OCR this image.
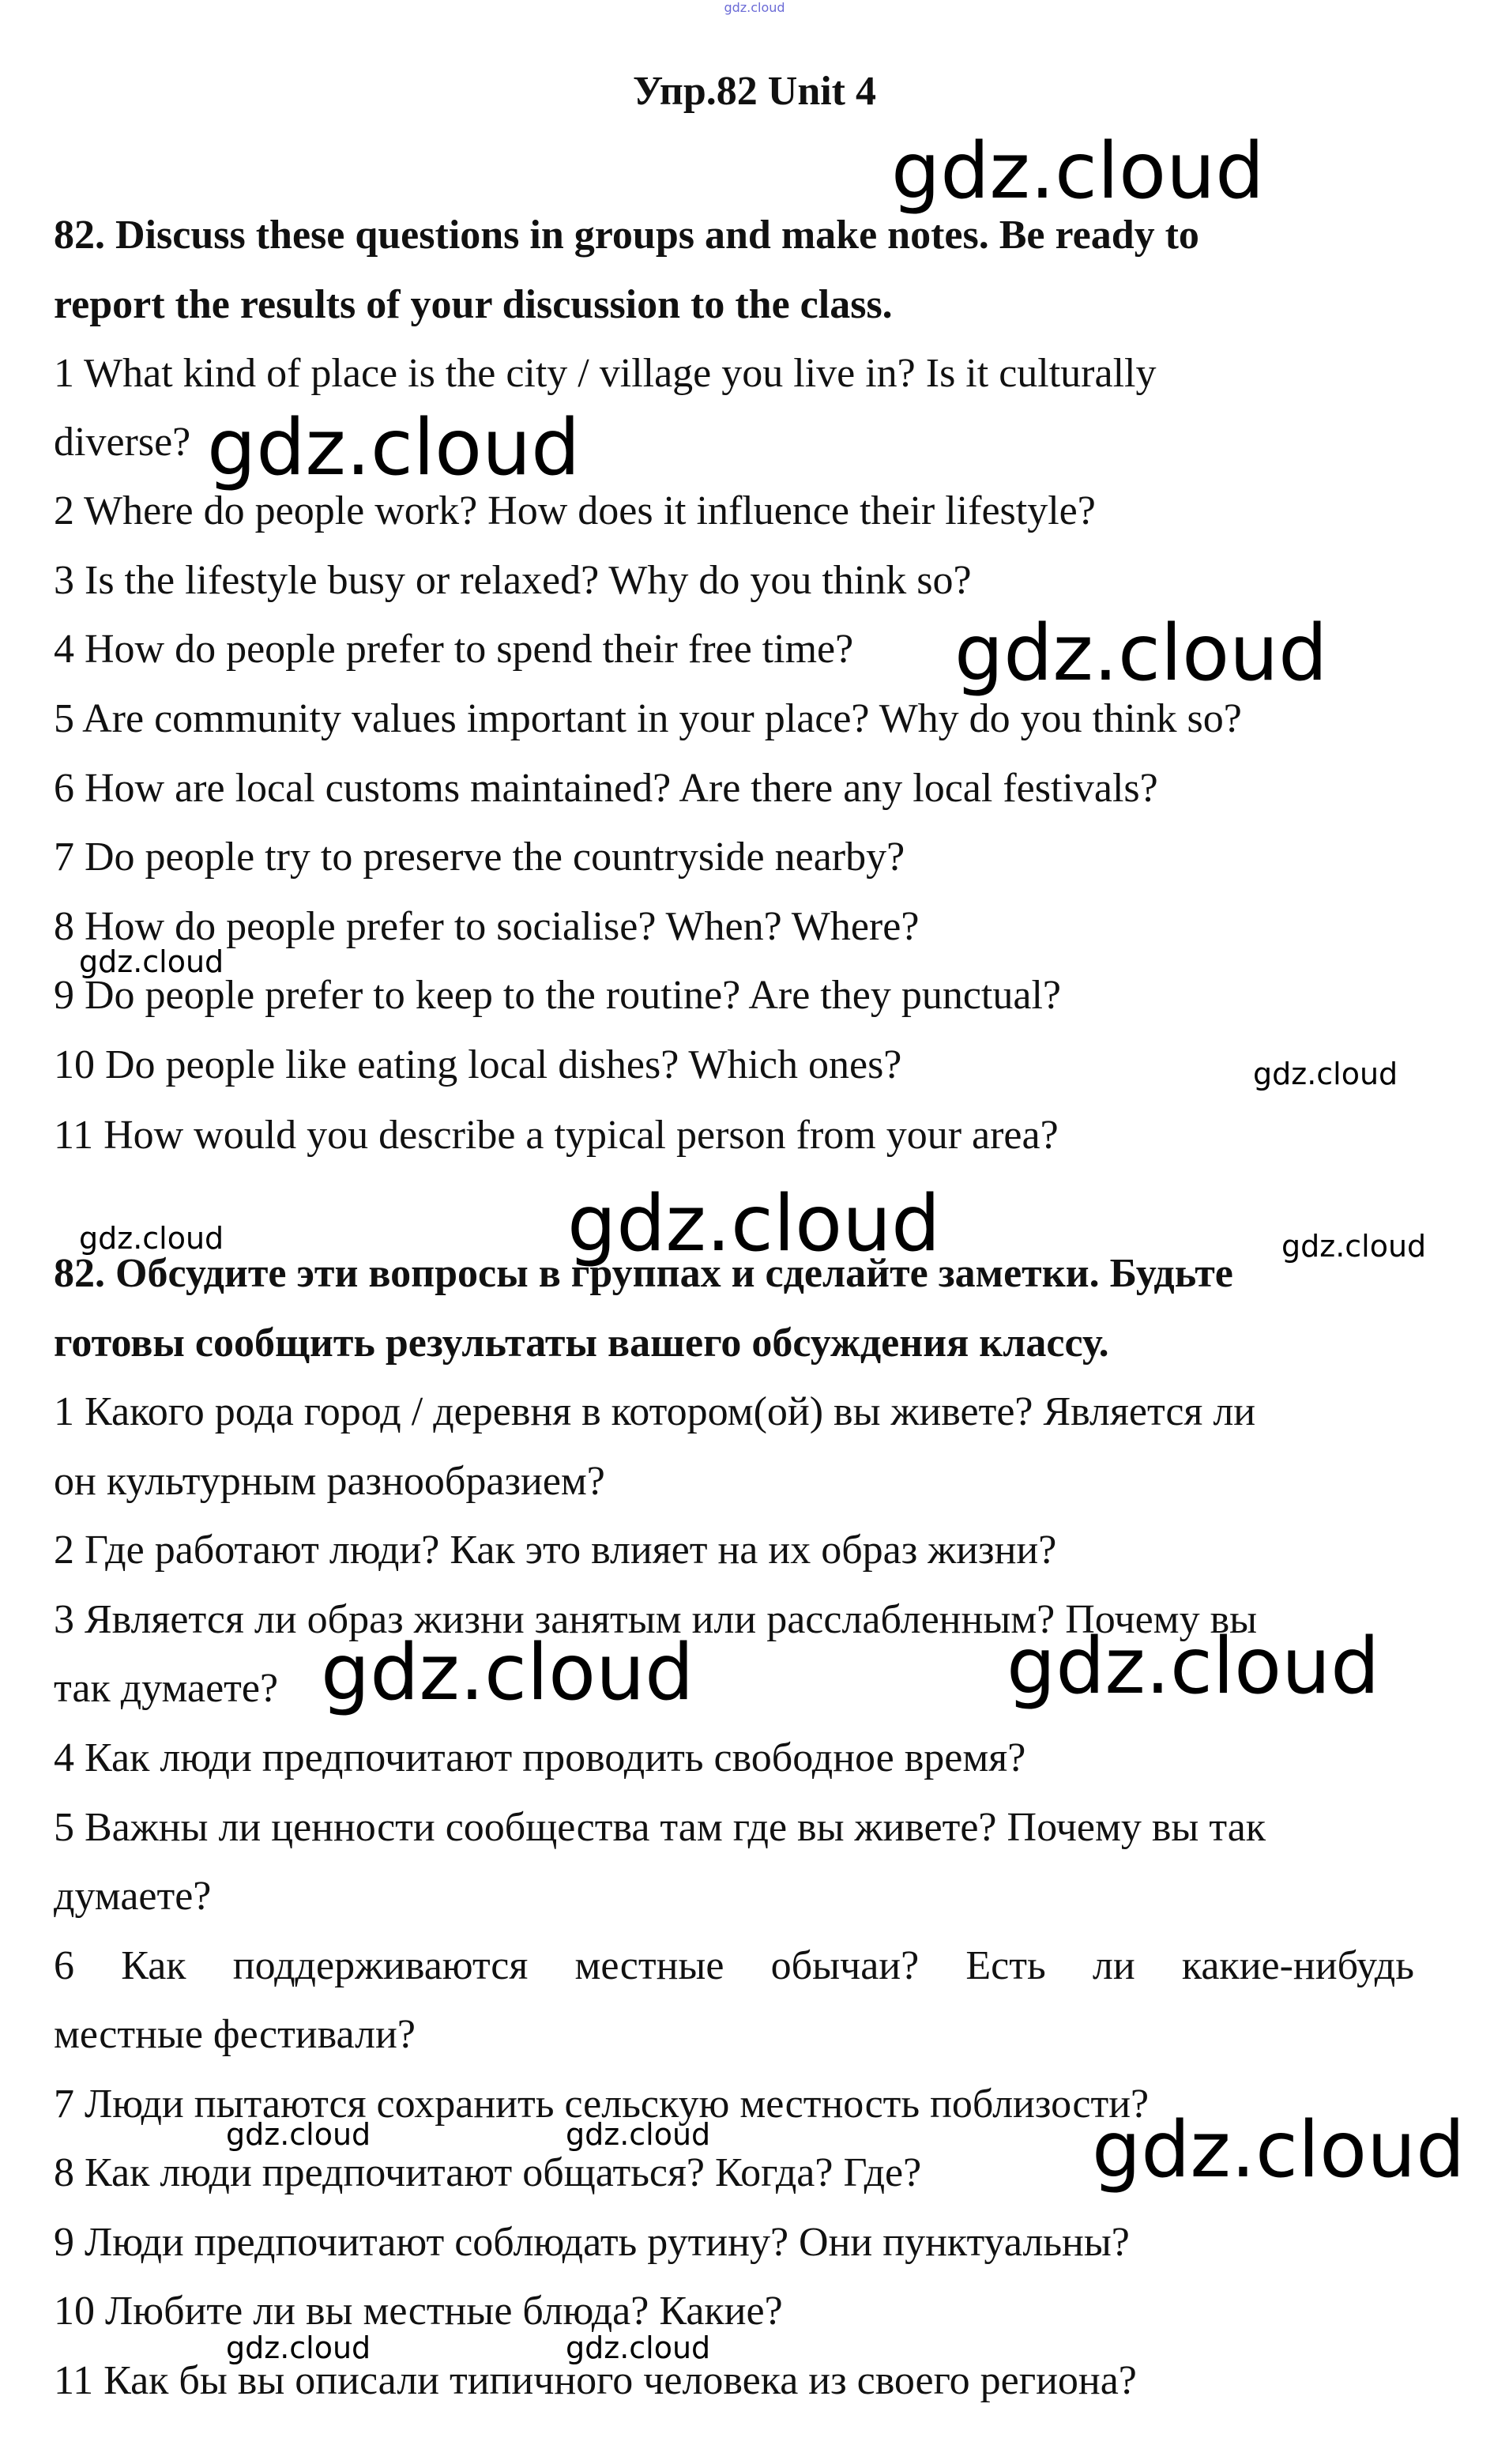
gdz.cloud
Упр.82 Unit 4
82. Discuss these questions in groups and make notes. Be ready to
report the results of your discussion to the class.
1 What kind of place is the city / village you live in? Is it culturally
diverse?
2 Where do people work? How does it influence their lifestyle?
3 Is the lifestyle busy or relaxed? Why do you think so?
4 How do people prefer to spend their free time?
5 Are community values important in your place? Why do you think so?
6 How are local customs maintained? Are there any local festivals?
7 Do people try to preserve the countryside nearby?
8 How do people prefer to socialise? When? Where?
9 Do people prefer to keep to the routine? Are they punctual?
10 Do people like eating local dishes? Which ones?
11 How would you describe a typical person from your area?
82. Обсудите эти вопросы в группах и сделайте заметки. Будьте
готовы сообщить результаты вашего обсуждения классу.
1 Какого рода город / деревня в котором(ой) вы живете? Является ли
он культурным разнообразием?
2 Где работают люди? Как это влияет на их образ жизни?
3 Является ли образ жизни занятым или расслабленным? Почему вы
так думаете?
4 Как люди предпочитают проводить свободное время?
5 Важны ли ценности сообщества там где вы живете? Почему вы так
думаете?
6 Как поддерживаются местные обычаи? Есть ли какие-нибудь
местные фестивали?
7 Люди пытаются сохранить сельскую местность поблизости?
8 Как люди предпочитают общаться? Когда? Где?
9 Люди предпочитают соблюдать рутину? Они пунктуальны?
10 Любите ли вы местные блюда? Какие?
11 Как бы вы описали типичного человека из своего региона?
gdz.cloud
gdz.cloud
gdz.cloud
gdz.cloud
gdz.cloud
gdz.cloud
gdz.cloud	gdz.cloud
gdz.cloud	gdz.cloud
gdz.cloud	gdz.cloud	gdz.cloud
gdz.cloud	gdz.cloud
